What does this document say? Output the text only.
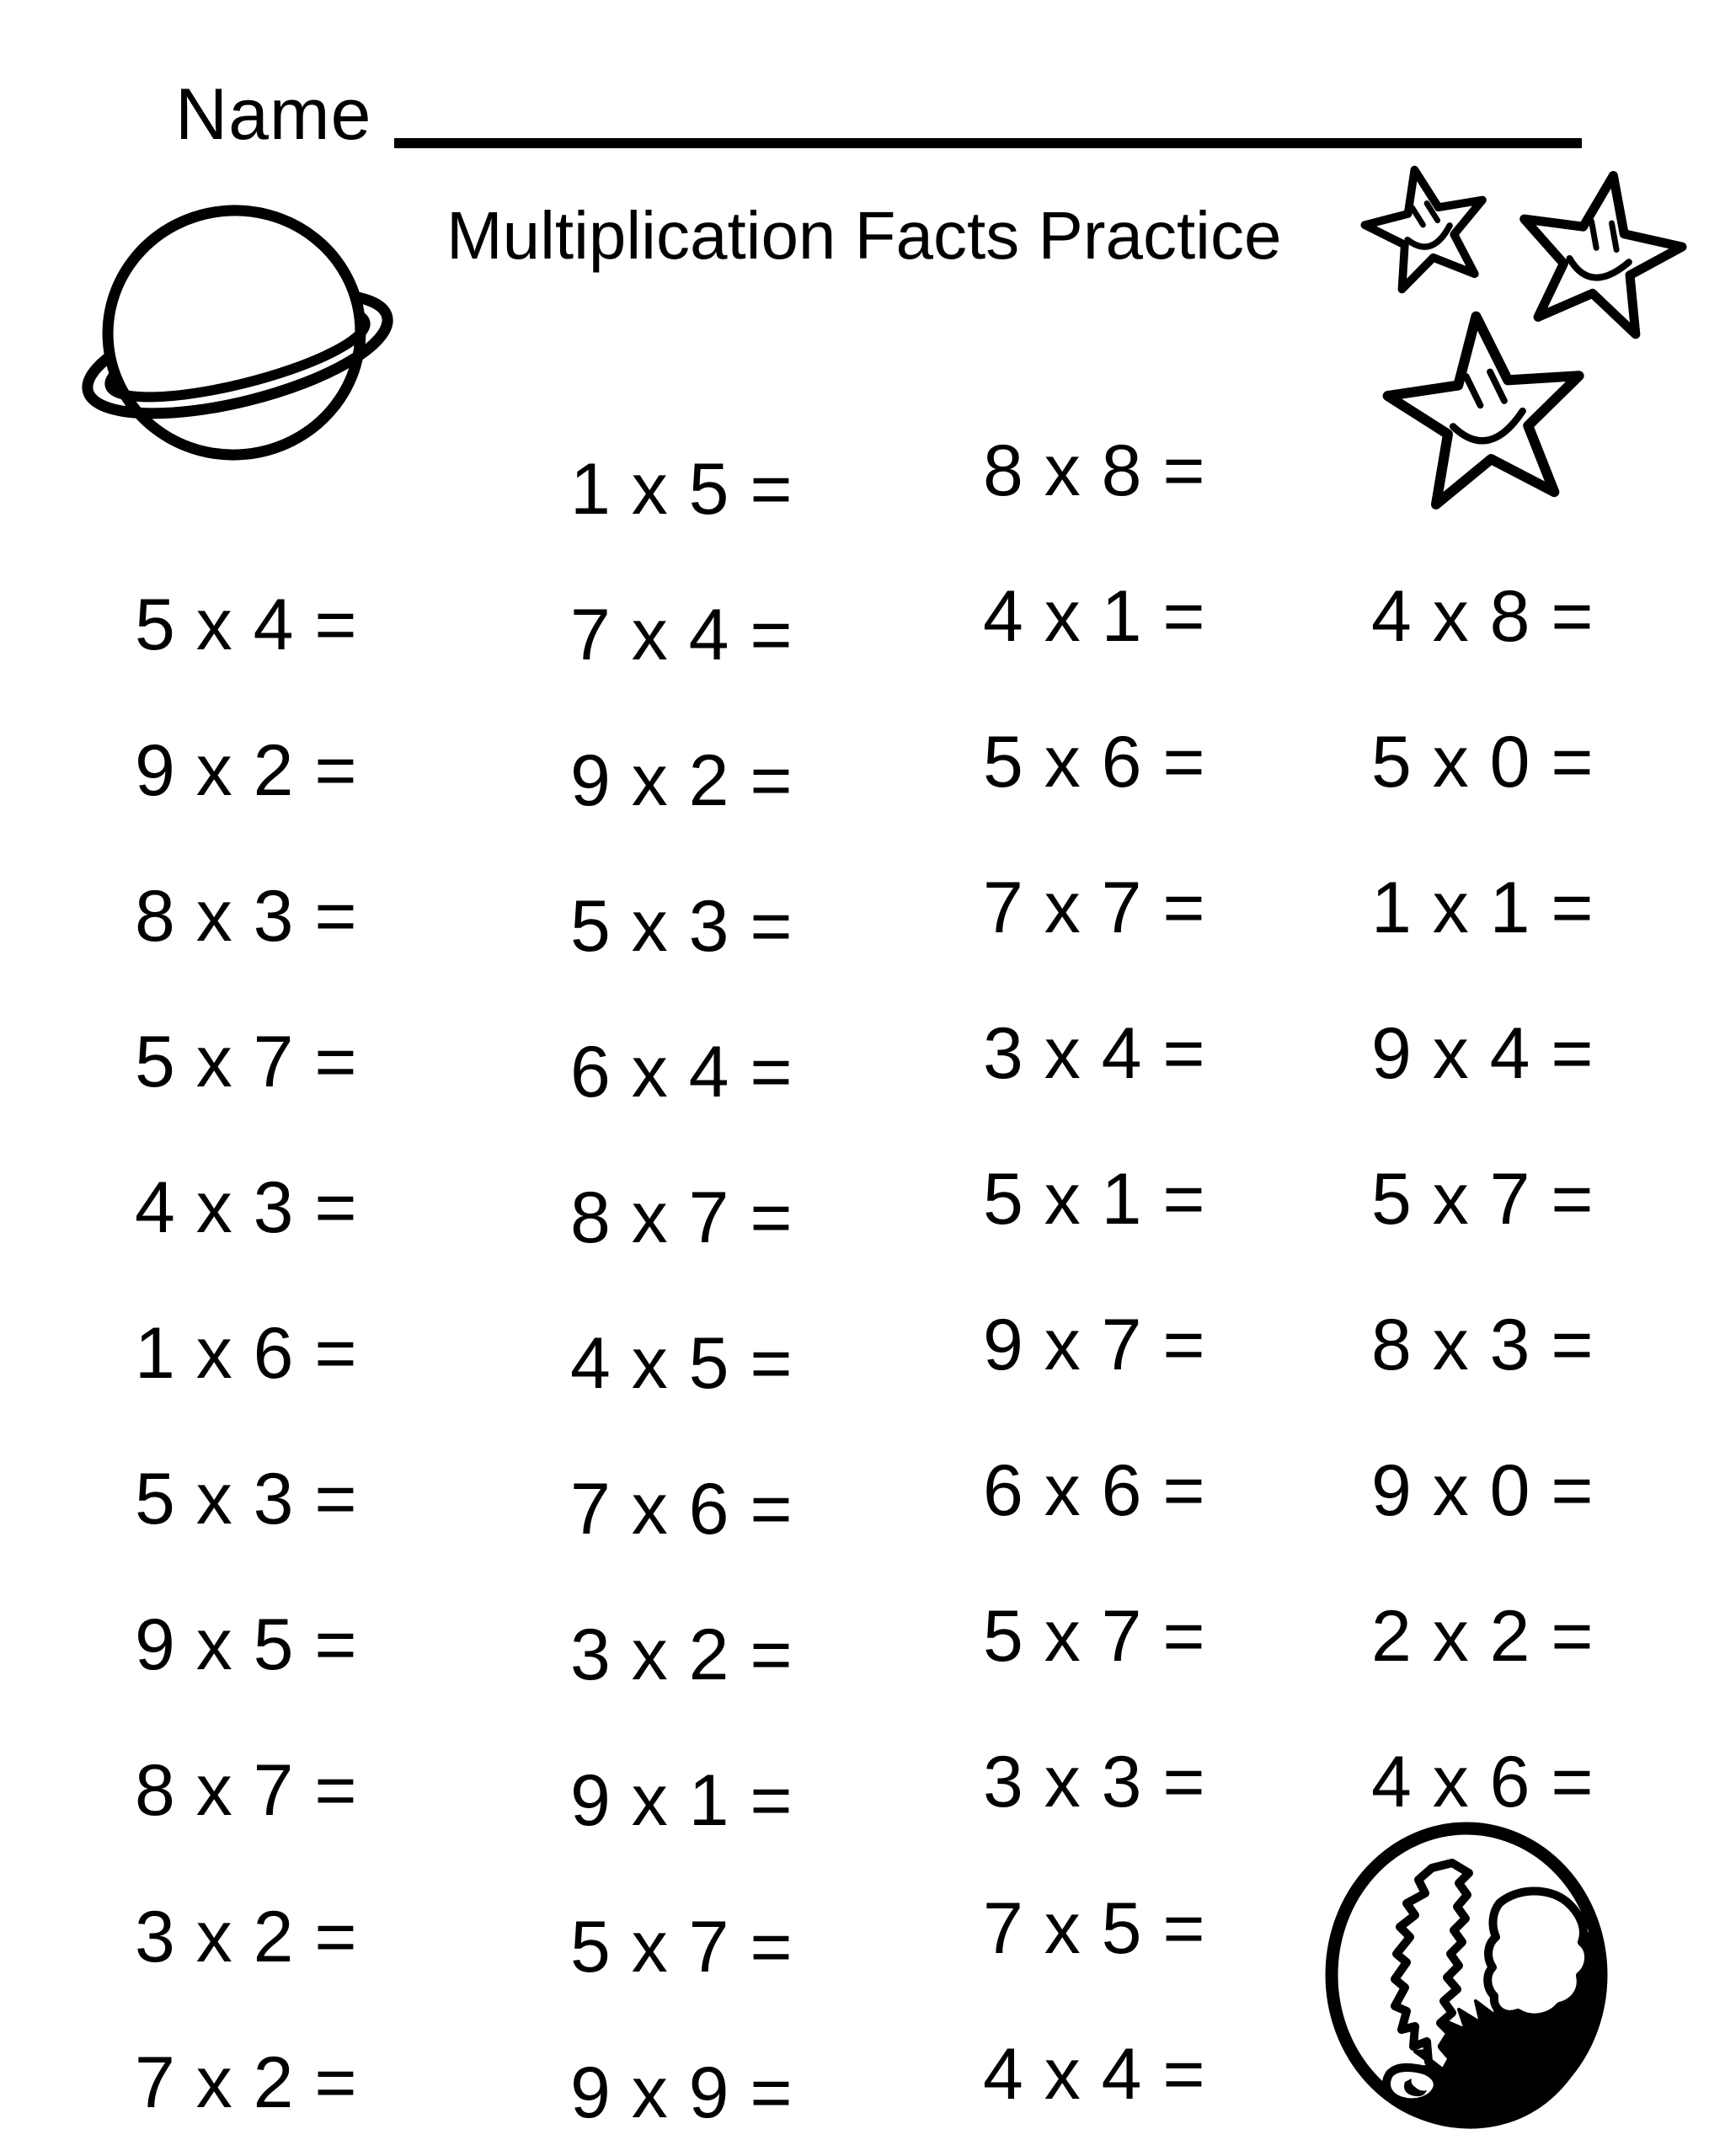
Name
Multiplication Facts Practice
5 x 4 =
9 x 2 =
8 x 3 =
5 x 7 =
4 x 3 =
1 x 6 =
5 x 3 =
9 x 5 =
8 x 7 =
3 x 2 =
7 x 2 =
1 x 5 =
7 x 4 =
9 x 2 =
5 x 3 =
6 x 4 =
8 x 7 =
4 x 5 =
7 x 6 =
3 x 2 =
9 x 1 =
5 x 7 =
9 x 9 =
8 x 8 =
4 x 1 =
5 x 6 =
7 x 7 =
3 x 4 =
5 x 1 =
9 x 7 =
6 x 6 =
5 x 7 =
3 x 3 =
7 x 5 =
4 x 4 =
4 x 8 =
5 x 0 =
1 x 1 =
9 x 4 =
5 x 7 =
8 x 3 =
9 x 0 =
2 x 2 =
4 x 6 =
